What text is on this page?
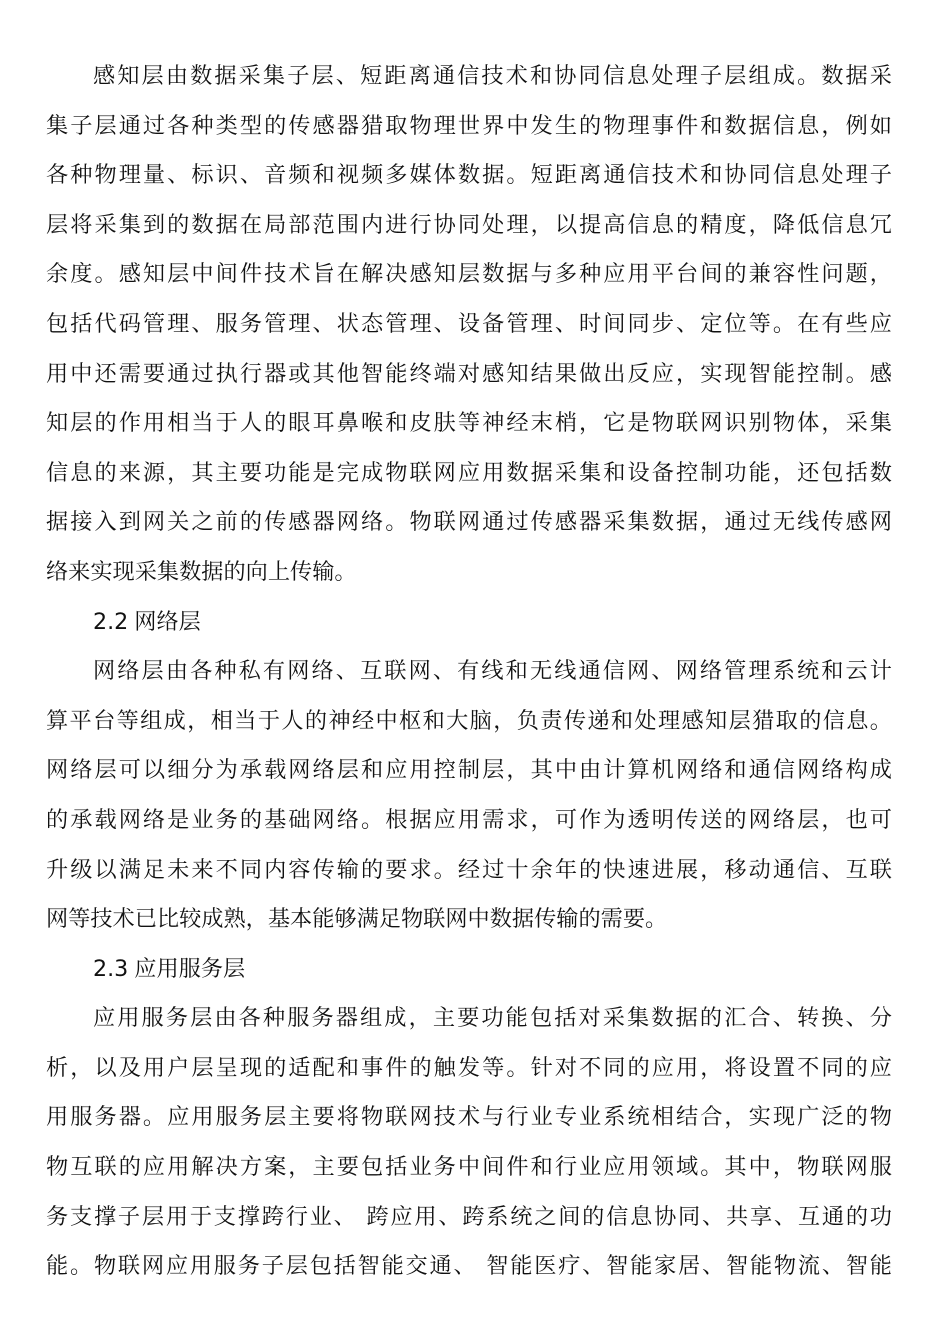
感知层由数据采集子层、短距离通信技术和协同信息处理子层组成。数据采
集子层通过各种类型的传感器猎取物理世界中发生的物理事件和数据信息，例如
各种物理量、标识、音频和视频多媒体数据。短距离通信技术和协同信息处理子
层将采集到的数据在局部范围内进行协同处理，以提高信息的精度，降低信息冗
余度。感知层中间件技术旨在解决感知层数据与多种应用平台间的兼容性问题，
包括代码管理、服务管理、状态管理、设备管理、时间同步、定位等。在有些应
用中还需要通过执行器或其他智能终端对感知结果做出反应，实现智能控制。感
知层的作用相当于人的眼耳鼻喉和皮肤等神经末梢，它是物联网识别物体，采集
信息的来源，其主要功能是完成物联网应用数据采集和设备控制功能，还包括数
据接入到网关之前的传感器网络。物联网通过传感器采集数据，通过无线传感网
络来实现采集数据的向上传输。
2.2 网络层
网络层由各种私有网络、互联网、有线和无线通信网、网络管理系统和云计
算平台等组成，相当于人的神经中枢和大脑，负责传递和处理感知层猎取的信息。
网络层可以细分为承载网络层和应用控制层，其中由计算机网络和通信网络构成
的承载网络是业务的基础网络。根据应用需求，可作为透明传送的网络层，也可
升级以满足未来不同内容传输的要求。经过十余年的快速进展，移动通信、互联
网等技术已比较成熟，基本能够满足物联网中数据传输的需要。
2.3 应用服务层
应用服务层由各种服务器组成，主要功能包括对采集数据的汇合、转换、分
析，以及用户层呈现的适配和事件的触发等。针对不同的应用，将设置不同的应
用服务器。应用服务层主要将物联网技术与行业专业系统相结合，实现广泛的物
物互联的应用解决方案，主要包括业务中间件和行业应用领域。其中，物联网服
务支撑子层用于支撑跨行业、 跨应用、跨系统之间的信息协同、共享、互通的功
能。物联网应用服务子层包括智能交通、 智能医疗、智能家居、智能物流、智能
